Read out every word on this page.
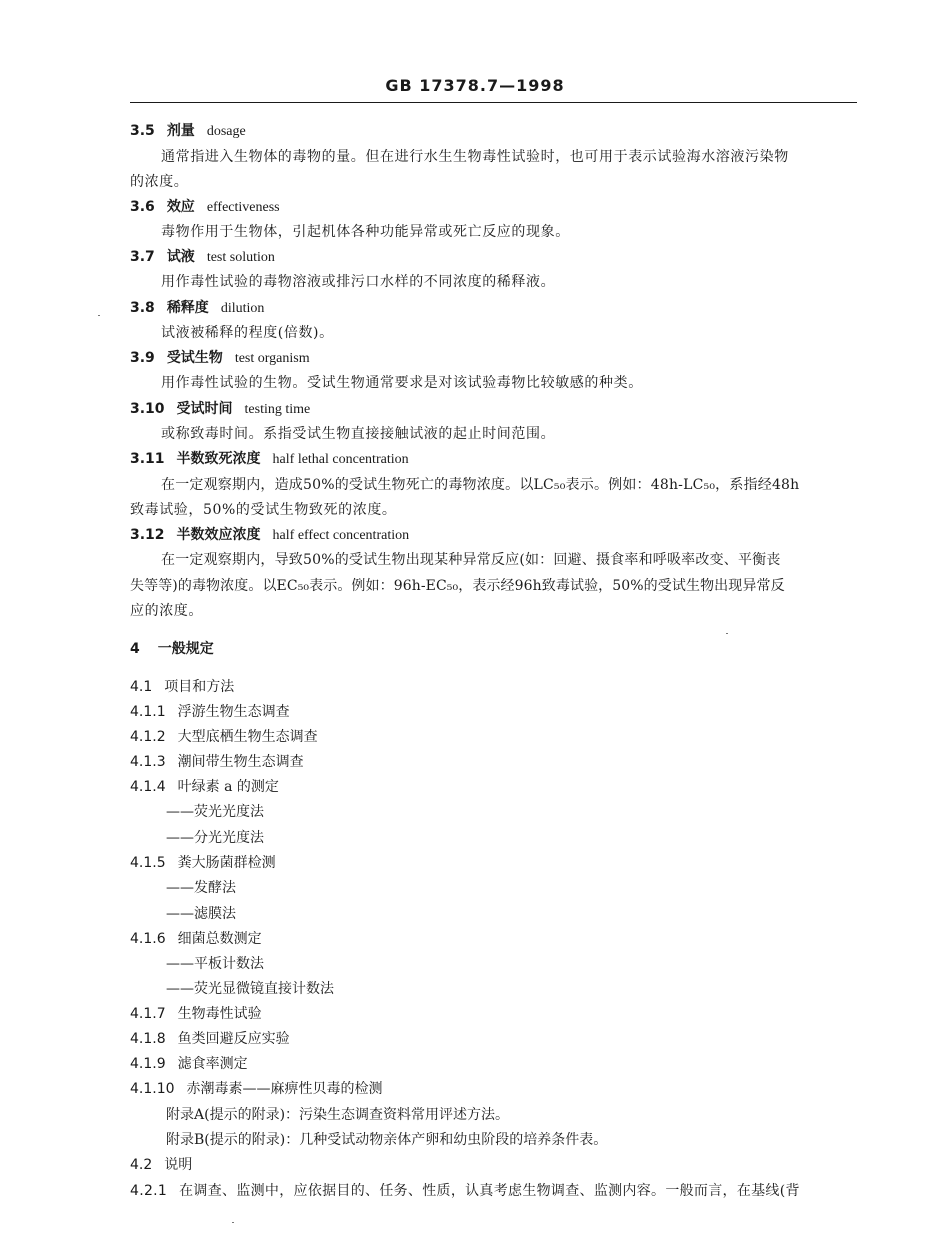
GB 17378.7—1998
3.5 剂量 dosage
通常指进入生物体的毒物的量。但在进行水生生物毒性试验时，也可用于表示试验海水溶液污染物
的浓度。
3.6 效应 effectiveness
毒物作用于生物体，引起机体各种功能异常或死亡反应的现象。
3.7 试液 test solution
用作毒性试验的毒物溶液或排污口水样的不同浓度的稀释液。
3.8 稀释度 dilution
试液被稀释的程度(倍数)。
3.9 受试生物 test organism
用作毒性试验的生物。受试生物通常要求是对该试验毒物比较敏感的种类。
3.10 受试时间 testing time
或称致毒时间。系指受试生物直接接触试液的起止时间范围。
3.11 半数致死浓度 half lethal concentration
在一定观察期内，造成50%的受试生物死亡的毒物浓度。以LC₅₀表示。例如：48h-LC₅₀，系指经48h
致毒试验，50%的受试生物致死的浓度。
3.12 半数效应浓度 half effect concentration
在一定观察期内，导致50%的受试生物出现某种异常反应(如：回避、摄食率和呼吸率改变、平衡丧
失等等)的毒物浓度。以EC₅₀表示。例如：96h-EC₅₀，表示经96h致毒试验，50%的受试生物出现异常反
应的浓度。
4 一般规定
4.1 项目和方法
4.1.1 浮游生物生态调查
4.1.2 大型底栖生物生态调查
4.1.3 潮间带生物生态调查
4.1.4 叶绿素 a 的测定
——荧光光度法
——分光光度法
4.1.5 粪大肠菌群检测
——发酵法
——滤膜法
4.1.6 细菌总数测定
——平板计数法
——荧光显微镜直接计数法
4.1.7 生物毒性试验
4.1.8 鱼类回避反应实验
4.1.9 滤食率测定
4.1.10 赤潮毒素——麻痹性贝毒的检测
附录A(提示的附录)：污染生态调查资料常用评述方法。
附录B(提示的附录)：几种受试动物亲体产卵和幼虫阶段的培养条件表。
4.2 说明
4.2.1 在调查、监测中，应依据目的、任务、性质，认真考虑生物调查、监测内容。一般而言，在基线(背
